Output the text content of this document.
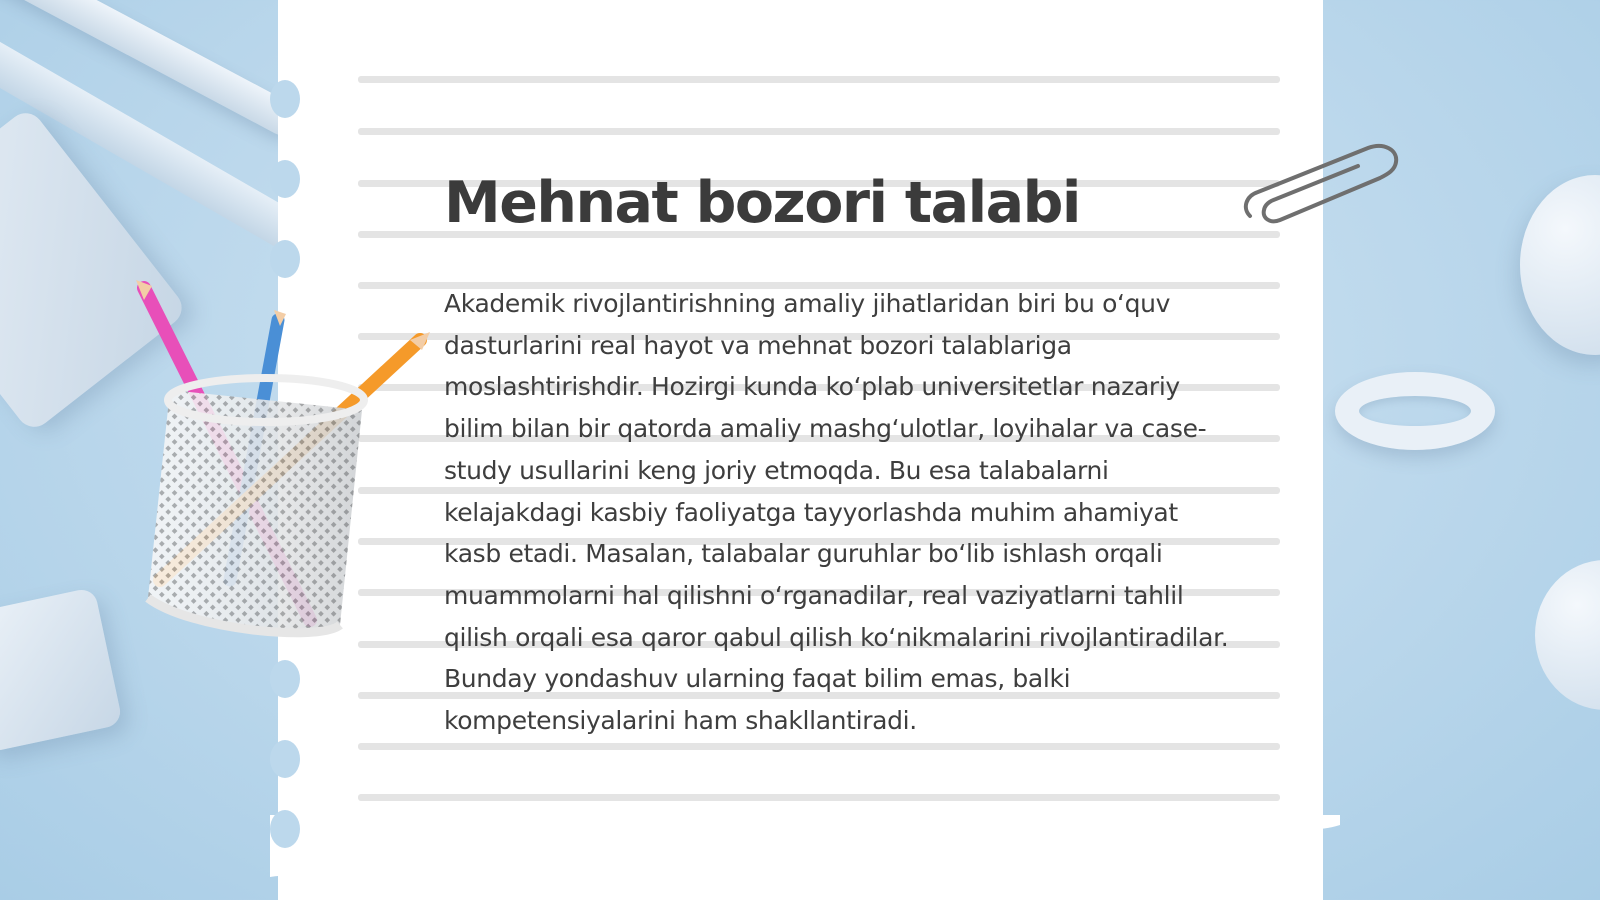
Mehnat bozori talabi

Akademik rivojlantirishning amaliy jihatlaridan biri bu o‘quv dasturlarini real hayot va mehnat bozori talablariga moslashtirishdir. Hozirgi kunda ko‘plab universitetlar nazariy bilim bilan bir qatorda amaliy mashg‘ulotlar, loyihalar va case-study usullarini keng joriy etmoqda. Bu esa talabalarni kelajakdagi kasbiy faoliyatga tayyorlashda muhim ahamiyat kasb etadi. Masalan, talabalar guruhlar bo‘lib ishlash orqali muammolarni hal qilishni o‘rganadilar, real vaziyatlarni tahlil qilish orqali esa qaror qabul qilish ko‘nikmalarini rivojlantiradilar. Bunday yondashuv ularning faqat bilim emas, balki kompetensiyalarini ham shakllantiradi.
